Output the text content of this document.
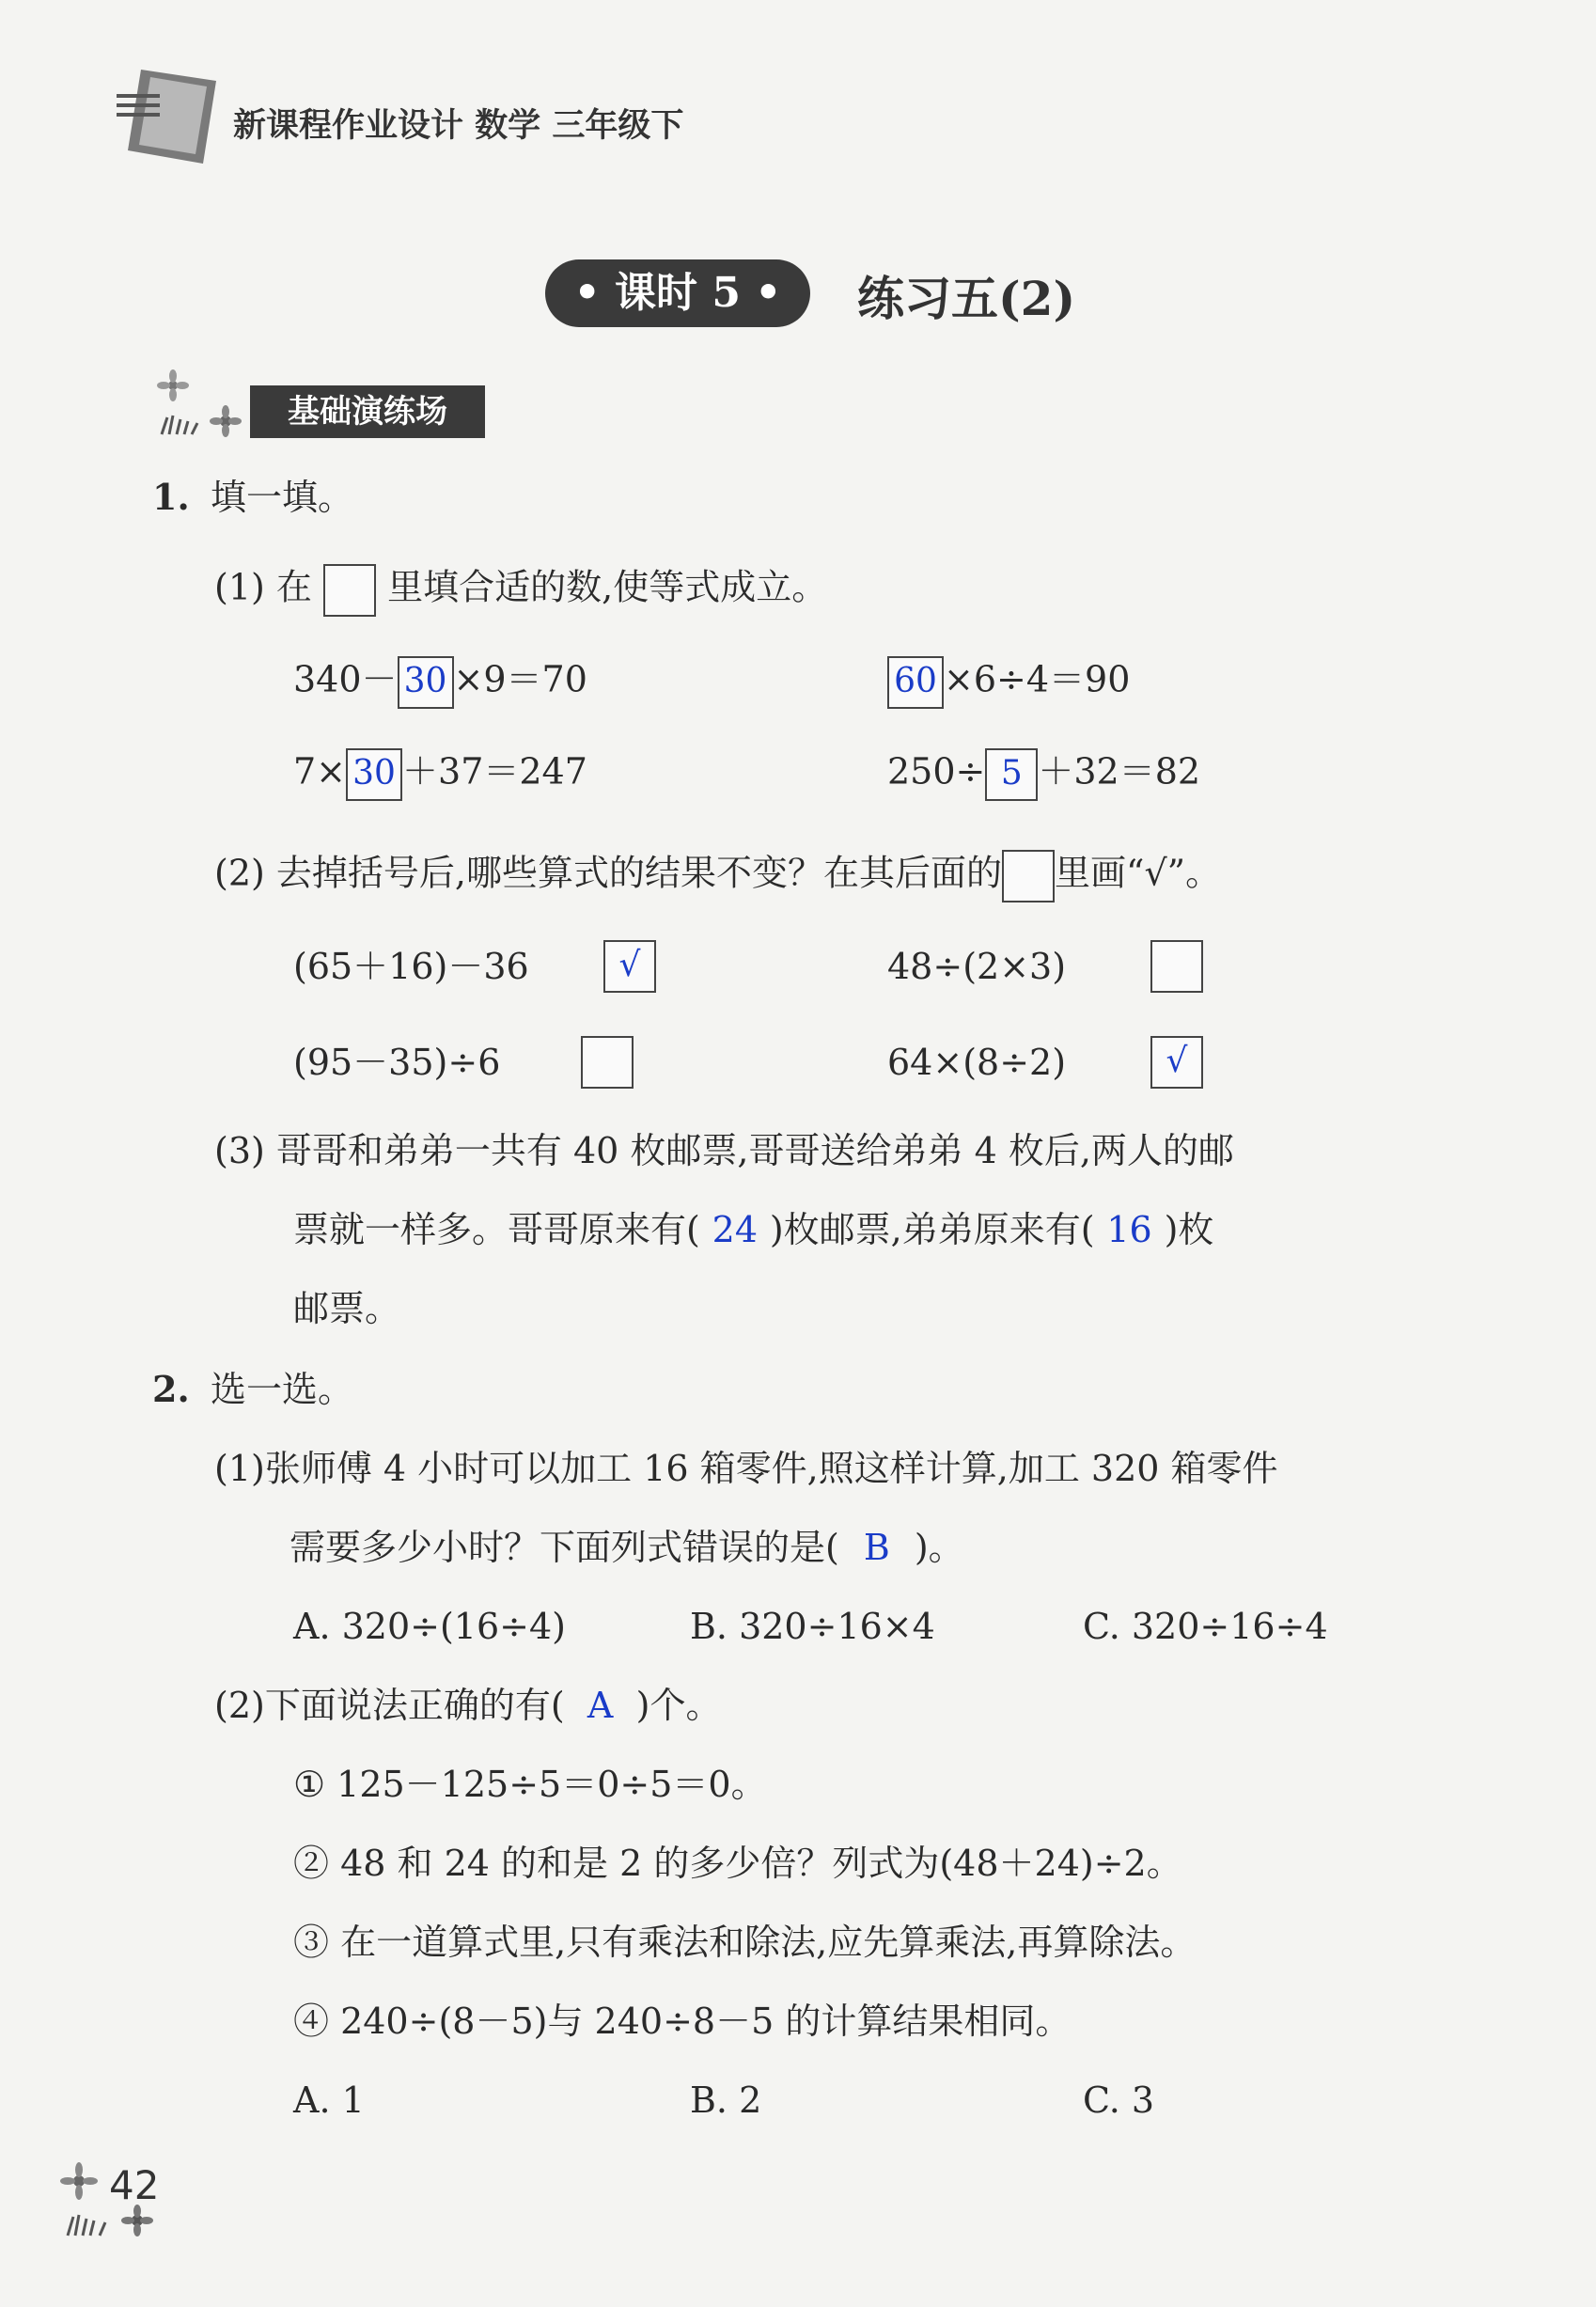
新课程作业设计 数学 三年级下
• 课时 5 •	练习五(2)
基础演练场
1. 填一填。
(1) 在 里填合适的数,使等式成立。
340－ 30 ×9＝70	60 ×6÷4＝90
7× 30 ＋37＝247	250÷ 5 ＋32＝82
(2) 去掉括号后,哪些算式的结果不变？在其后面的 里画“√”。
(65＋16)－36	√	48÷(2×3)
(95－35)÷6	64×(8÷2)	√
(3) 哥哥和弟弟一共有 40 枚邮票,哥哥送给弟弟 4 枚后,两人的邮
票就一样多。哥哥原来有( 24 )枚邮票,弟弟原来有( 16 )枚
邮票。
2. 选一选。
(1)张师傅 4 小时可以加工 16 箱零件,照这样计算,加工 320 箱零件
需要多少小时？下面列式错误的是( B )。
A. 320÷(16÷4)	B. 320÷16×4	C. 320÷16÷4
(2)下面说法正确的有( A )个。
① 125－125÷5＝0÷5＝0。
② 48 和 24 的和是 2 的多少倍？列式为(48＋24)÷2。
③ 在一道算式里,只有乘法和除法,应先算乘法,再算除法。
④ 240÷(8－5)与 240÷8－5 的计算结果相同。
A. 1	B. 2	C. 3
42
